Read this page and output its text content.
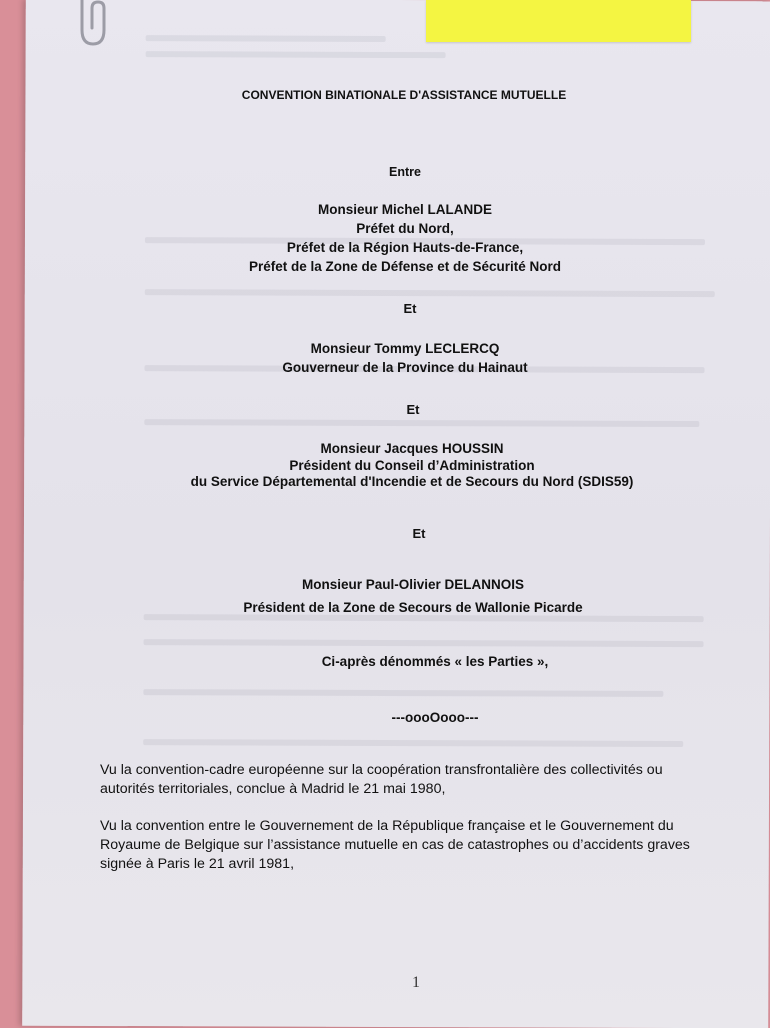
CONVENTION BINATIONALE D'ASSISTANCE MUTUELLE

Entre

Monsieur Michel LALANDE

Préfet du Nord,

Préfet de la Région Hauts-de-France,

Préfet de la Zone de Défense et de Sécurité Nord

Et

Monsieur Tommy LECLERCQ

Gouverneur de la Province du Hainaut

Et

Monsieur Jacques HOUSSIN

Président du Conseil d’Administration

du Service Départemental d'Incendie et de Secours du Nord (SDIS59)

Et

Monsieur Paul-Olivier DELANNOIS

Président de la Zone de Secours de Wallonie Picarde

Ci-après dénommés « les Parties »,

---oooOooo---

Vu la convention-cadre européenne sur la coopération transfrontalière des collectivités ou

autorités territoriales, conclue à Madrid le 21 mai 1980,

Vu la convention entre le Gouvernement de la République française et le Gouvernement du

Royaume de Belgique sur l’assistance mutuelle en cas de catastrophes ou d’accidents graves

signée à Paris le 21 avril 1981,

1
